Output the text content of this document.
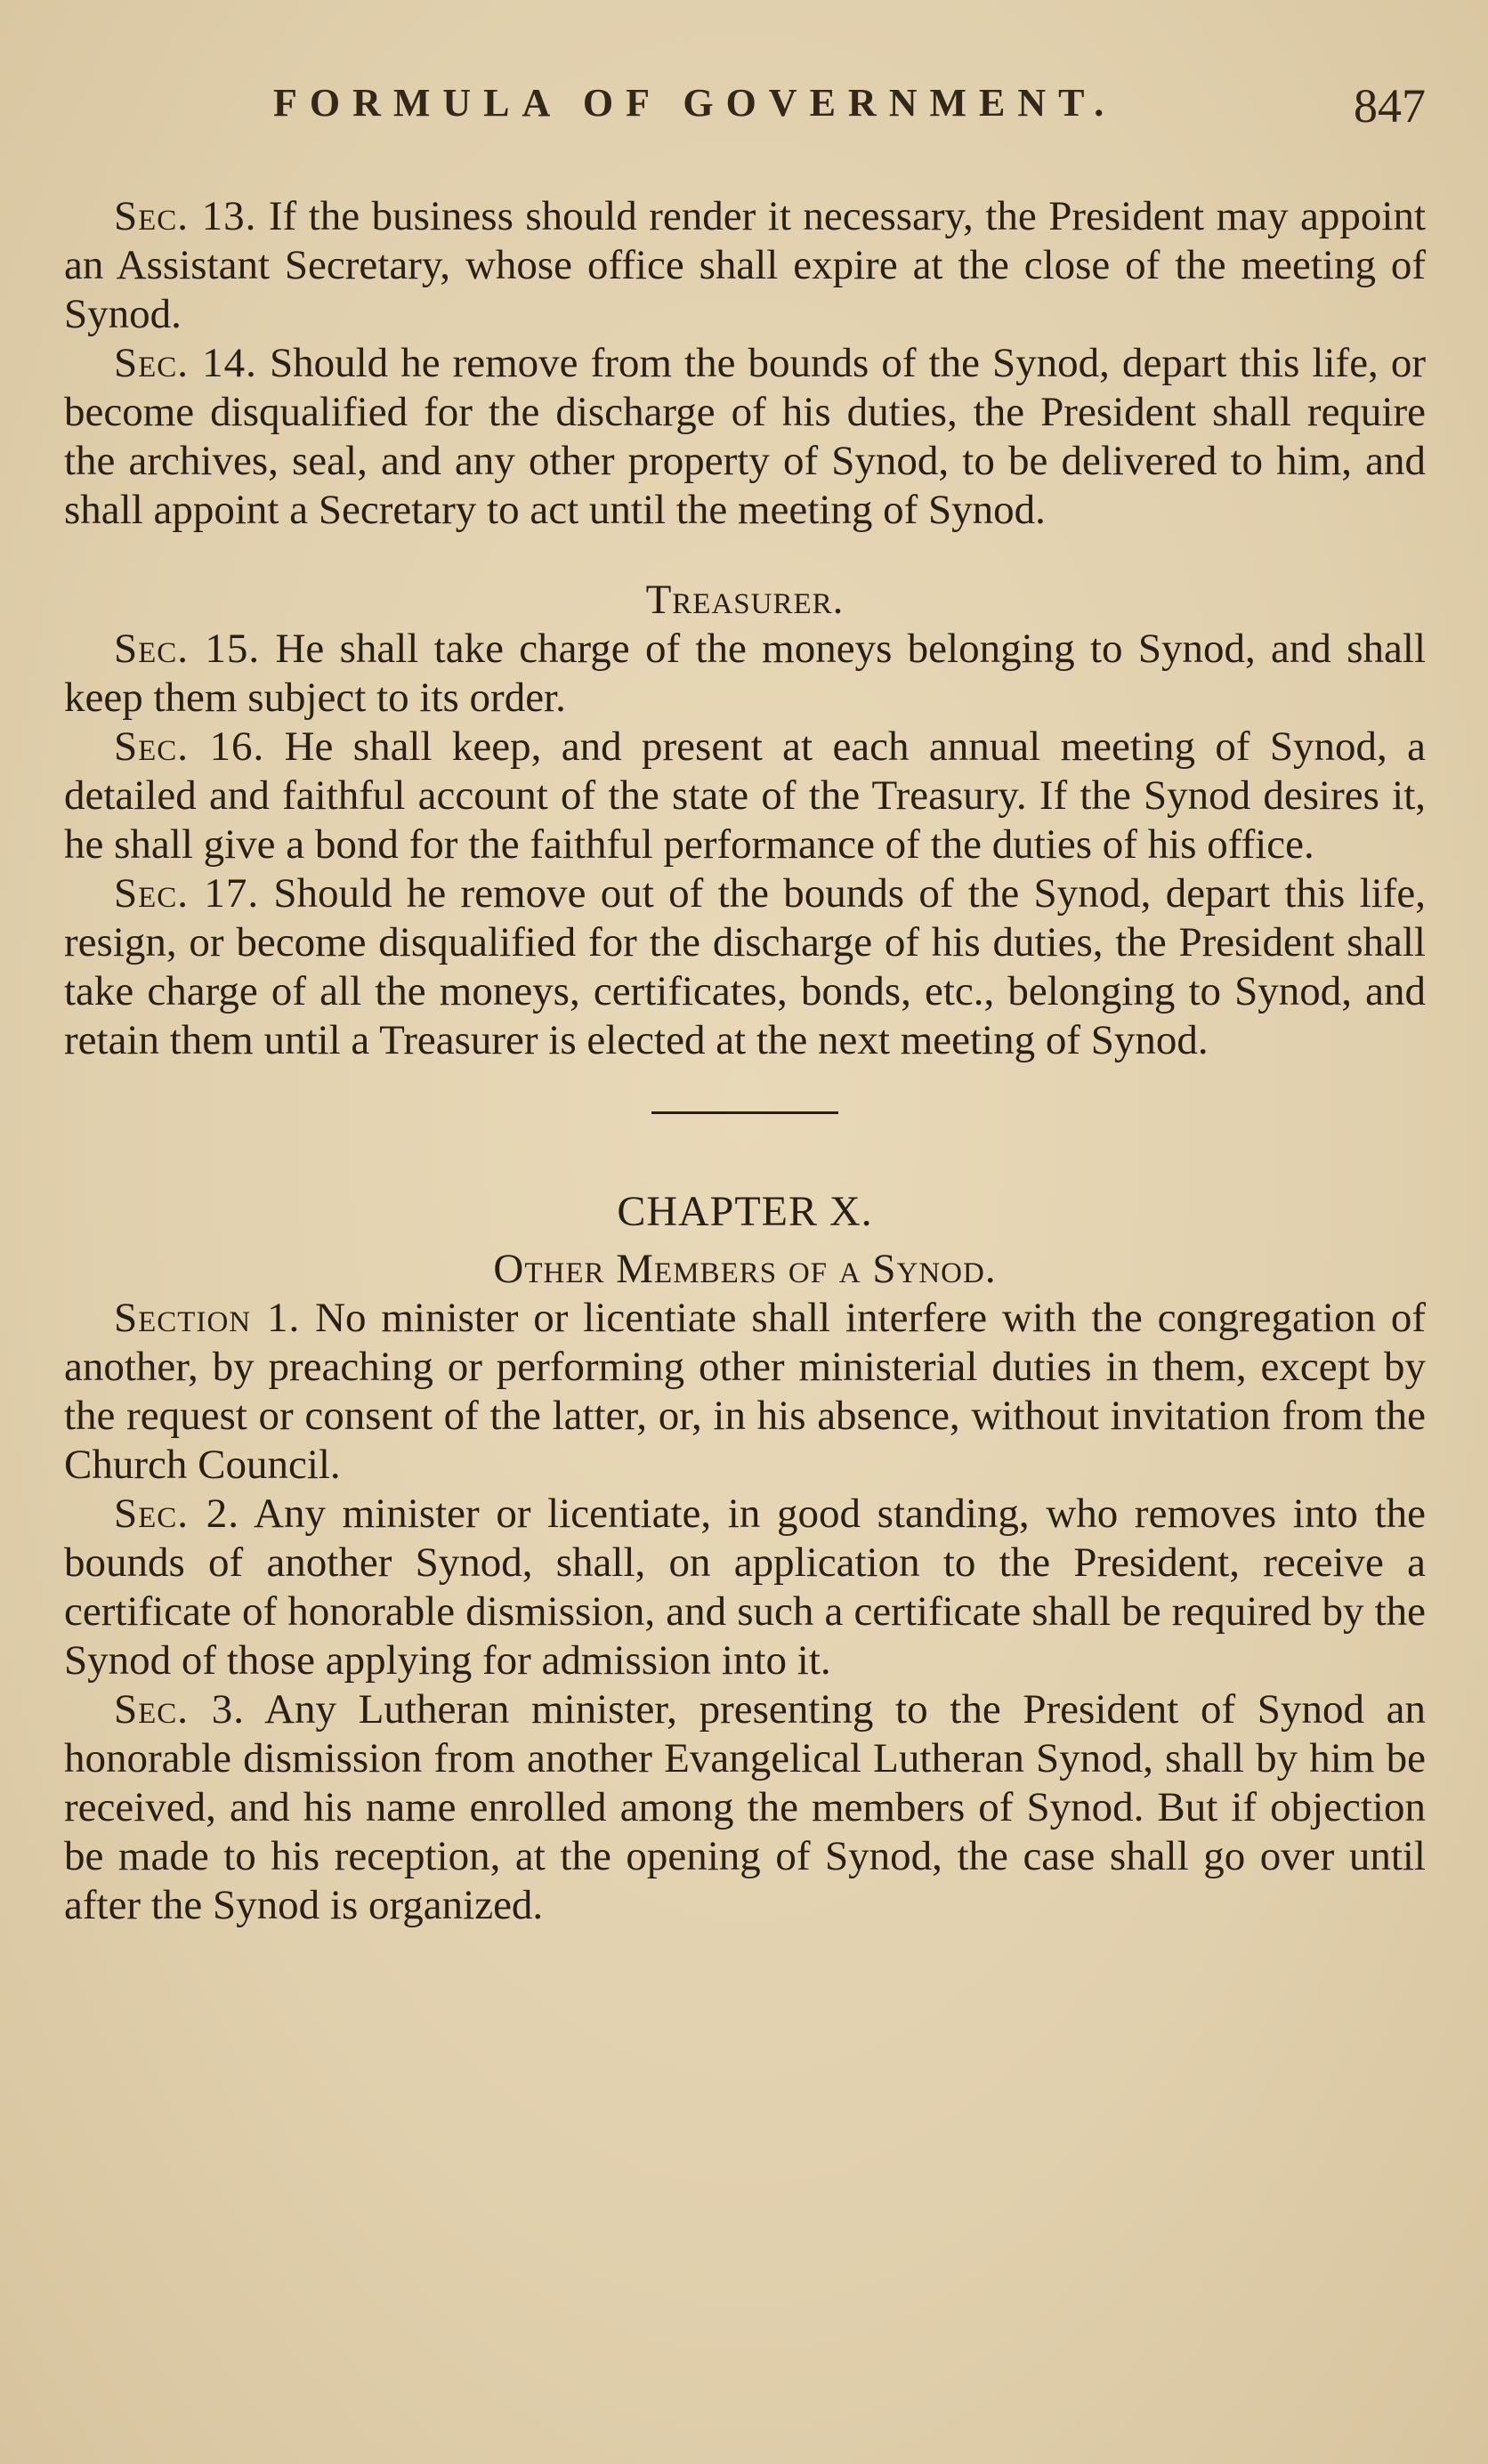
FORMULA OF GOVERNMENT.	847

Sec. 13. If the business should render it necessary, the President may appoint an Assistant Secretary, whose office shall expire at the close of the meeting of Synod.

Sec. 14. Should he remove from the bounds of the Synod, depart this life, or become disqualified for the discharge of his duties, the President shall require the archives, seal, and any other property of Synod, to be delivered to him, and shall appoint a Secretary to act until the meeting of Synod.

Treasurer.

Sec. 15. He shall take charge of the moneys belonging to Synod, and shall keep them subject to its order.

Sec. 16. He shall keep, and present at each annual meeting of Synod, a detailed and faithful account of the state of the Treasury. If the Synod desires it, he shall give a bond for the faithful performance of the duties of his office.

Sec. 17. Should he remove out of the bounds of the Synod, depart this life, resign, or become disqualified for the discharge of his duties, the President shall take charge of all the moneys, certificates, bonds, etc., belonging to Synod, and retain them until a Treasurer is elected at the next meeting of Synod.

CHAPTER X.

Other Members of a Synod.

Section 1. No minister or licentiate shall interfere with the congregation of another, by preaching or performing other ministerial duties in them, except by the request or consent of the latter, or, in his absence, without invitation from the Church Council.

Sec. 2. Any minister or licentiate, in good standing, who removes into the bounds of another Synod, shall, on application to the President, receive a certificate of honorable dismission, and such a certificate shall be required by the Synod of those applying for admission into it.

Sec. 3. Any Lutheran minister, presenting to the President of Synod an honorable dismission from another Evangelical Lutheran Synod, shall by him be received, and his name enrolled among the members of Synod. But if objection be made to his reception, at the opening of Synod, the case shall go over until after the Synod is organized.
